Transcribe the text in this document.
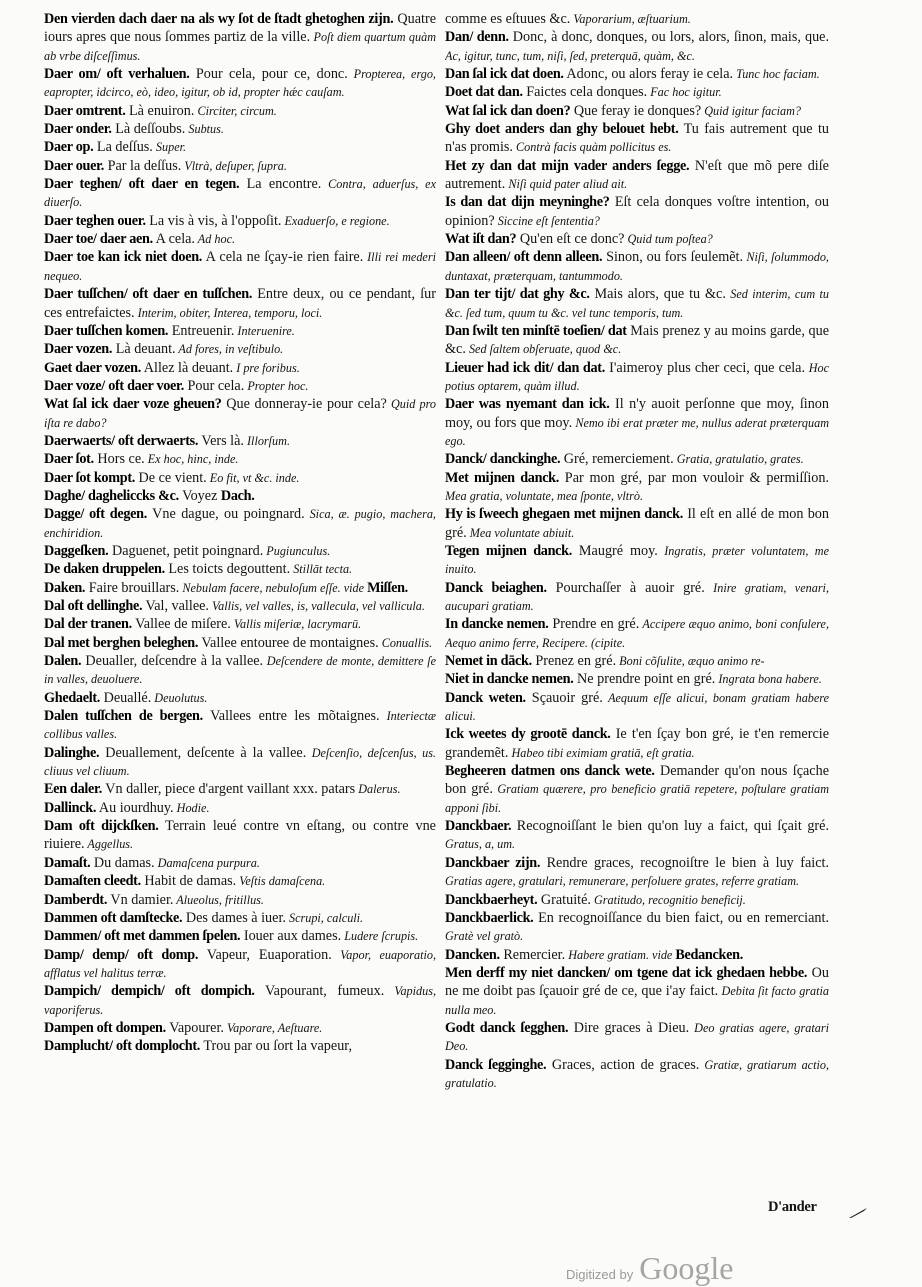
Den vierden dach daer na als wy ſot de ſtadt ghetoghen zijn. Quatre iours apres que nous ſommes partiz de la ville. Poſt diem quartum quàm ab vrbe diſceſſimus.

Daer om/ oft verhaluen. Pour cela, pour ce, donc. Propterea, ergo, eapropter, idcirco, eò, ideo, igitur, ob id, propter hǽc cauſam.

Daer omtrent. Là enuiron. Circiter, circum.

Daer onder. Là deſſoubs. Subtus.

Daer op. La deſſus. Super.

Daer ouer. Par la deſſus. Vltrà, deſuper, ſupra.

Daer teghen/ oft daer en tegen. La encontre. Contra, aduerſus, ex diuerſo.

Daer teghen ouer. La vis à vis, à l'oppoſit. Exaduerſo, e regione.

Daer toe/ daer aen. A cela. Ad hoc.

Daer toe kan ick niet doen. A cela ne ſçay-ie rien faire. Illi rei mederi nequeo.

Daer tuſſchen/ oft daer en tuſſchen. Entre deux, ou ce pendant, ſur ces entrefaictes. Interim, obiter, Interea, temporu, loci.

Daer tuſſchen komen. Entreuenir. Interuenire.

Daer vozen. Là deuant. Ad fores, in veſtibulo.

Gaet daer vozen. Allez là deuant. I pre foribus.

Daer voze/ oft daer voer. Pour cela. Propter hoc.

Wat ſal ick daer voze gheuen? Que donneray-ie pour cela? Quid pro iſta re dabo?

Daerwaerts/ oft derwaerts. Vers là. Illorſum.

Daer ſot. Hors ce. Ex hoc, hinc, inde.

Daer ſot kompt. De ce vient. Eo fit, vt &c. inde.

Daghe/ dagheliccks &c. Voyez Dach.

Dagge/ oft degen. Vne dague, ou poingnard. Sica, æ. pugio, machera, enchiridion.

Daggeſken. Daguenet, petit poingnard. Pugiunculus.

De daken druppelen. Les toicts degouttent. Stillāt tecta.

Daken. Faire brouillars. Nebulam facere, nebuloſum eſſe. vide Miſſen.

Dal oft dellinghe. Val, vallee. Vallis, vel valles, is, vallecula, vel vallicula.

Dal der tranen. Vallee de miſere. Vallis miſeriæ, lacrymarū.

Dal met berghen beleghen. Vallee entouree de montaignes. Conuallis.

Dalen. Deualler, deſcendre à la vallee. Deſcendere de monte, demittere ſe in valles, deuoluere.

Ghedaelt. Deuallé. Deuolutus.

Dalen tuſſchen de bergen. Vallees entre les mõtaignes. Interiectæ collibus valles.

Dalinghe. Deuallement, deſcente à la vallee. Deſcenſio, deſcenſus, us. cliuus vel cliuum.

Een daler. Vn daller, piece d'argent vaillant xxx. patars Dalerus.

Dallinck. Au iourdhuy. Hodie.

Dam oft dijckſken. Terrain leué contre vn eſtang, ou contre vne riuiere. Aggellus.

Damaſt. Du damas. Damaſcena purpura.

Damaſten cleedt. Habit de damas. Veſtis damaſcena.

Damberdt. Vn damier. Alueolus, fritillus.

Dammen oft damſtecke. Des dames à iuer. Scrupi, calculi.

Dammen/ oft met dammen ſpelen. Iouer aux dames. Ludere ſcrupis.

Damp/ demp/ oft domp. Vapeur, Euaporation. Vapor, euaporatio, afflatus vel halitus terræ.

Dampich/ dempich/ oft dompich. Vapourant, fumeux. Vapidus, vaporiferus.

Dampen oft dompen. Vapourer. Vaporare, Aeſtuare.

Damplucht/ oft domplocht. Trou par ou ſort la vapeur,

comme es eſtuues &c. Vaporarium, æſtuarium.

Dan/ denn. Donc, à donc, donques, ou lors, alors, ſinon, mais, que. Ac, igitur, tunc, tum, niſi, ſed, preterquā, quàm, &c.

Dan ſal ick dat doen. Adonc, ou alors feray ie cela. Tunc hoc faciam.

Doet dat dan. Faictes cela donques. Fac hoc igitur.

Wat ſal ick dan doen? Que feray ie donques? Quid igitur faciam?

Ghy doet anders dan ghy belouet hebt. Tu fais autrement que tu n'as promis. Contrà facis quàm pollicitus es.

Het zy dan dat mijn vader anders ſegge. N'eſt que mõ pere diſe autrement. Niſi quid pater aliud ait.

Is dan dat dijn meyninghe? Eſt cela donques voſtre intention, ou opinion? Siccine eſt ſententia?

Wat iſt dan? Qu'en eſt ce donc? Quid tum poſtea?

Dan alleen/ oft denn alleen. Sinon, ou fors ſeulemẽt. Niſi, ſolummodo, duntaxat, præterquam, tantummodo.

Dan ter tijt/ dat ghy &c. Mais alors, que tu &c. Sed interim, cum tu &c. ſed tum, quum tu &c. vel tunc temporis, tum.

Dan ſwilt ten minſtē toeſien/ dat Mais prenez y au moins garde, que &c. Sed ſaltem obſeruate, quod &c.

Lieuer had ick dit/ dan dat. I'aimeroy plus cher ceci, que cela. Hoc potius optarem, quàm illud.

Daer was nyemant dan ick. Il n'y auoit perſonne que moy, ſinon moy, ou fors que moy. Nemo ibi erat præter me, nullus aderat præterquam ego.

Danck/ danckinghe. Gré, remerciement. Gratia, gratulatio, grates.

Met mijnen danck. Par mon gré, par mon vouloir & permiſſion. Mea gratia, voluntate, mea ſponte, vltrò.

Hy is ſweech ghegaen met mijnen danck. Il eſt en allé de mon bon gré. Mea voluntate abiuit.

Tegen mijnen danck. Maugré moy. Ingratis, præter voluntatem, me inuito.

Danck beiaghen. Pourchaſſer à auoir gré. Inire gratiam, venari, aucupari gratiam.

In dancke nemen. Prendre en gré. Accipere æquo animo, boni conſulere, Aequo animo ferre, Recipere. (cipite.

Nemet in dāck. Prenez en gré. Boni cõſulite, æquo animo re-

Niet in dancke nemen. Ne prendre point en gré. Ingrata bona habere.

Danck weten. Sçauoir gré. Aequum eſſe alicui, bonam gratiam habere alicui.

Ick weetes dy grootē danck. Ie t'en ſçay bon gré, ie t'en remercie grandemẽt. Habeo tibi eximiam gratiā, eſt gratia.

Begheeren datmen ons danck wete. Demander qu'on nous ſçache bon gré. Gratiam quærere, pro beneficio gratiā repetere, poſtulare gratiam apponi ſibi.

Danckbaer. Recognoiſſant le bien qu'on luy a faict, qui ſçait gré. Gratus, a, um.

Danckbaer zijn. Rendre graces, recognoiſtre le bien à luy faict. Gratias agere, gratulari, remunerare, perſoluere grates, referre gratiam.

Danckbaerheyt. Gratuité. Gratitudo, recognitio beneficij.

Danckbaerlick. En recognoiſſance du bien faict, ou en remerciant. Gratè vel gratò.

Dancken. Remercier. Habere gratiam. vide Bedancken.

Men derff my niet dancken/ om tgene dat ick ghedaen hebbe. Ou ne me doibt pas ſçauoir gré de ce, que i'ay faict. Debita ſit facto gratia nulla meo.

Godt danck ſegghen. Dire graces à Dieu. Deo gratias agere, gratari Deo.

Danck ſegginghe. Graces, action de graces. Gratiæ, gratiarum actio, gratulatio.

D'ander
Digitized by Google
